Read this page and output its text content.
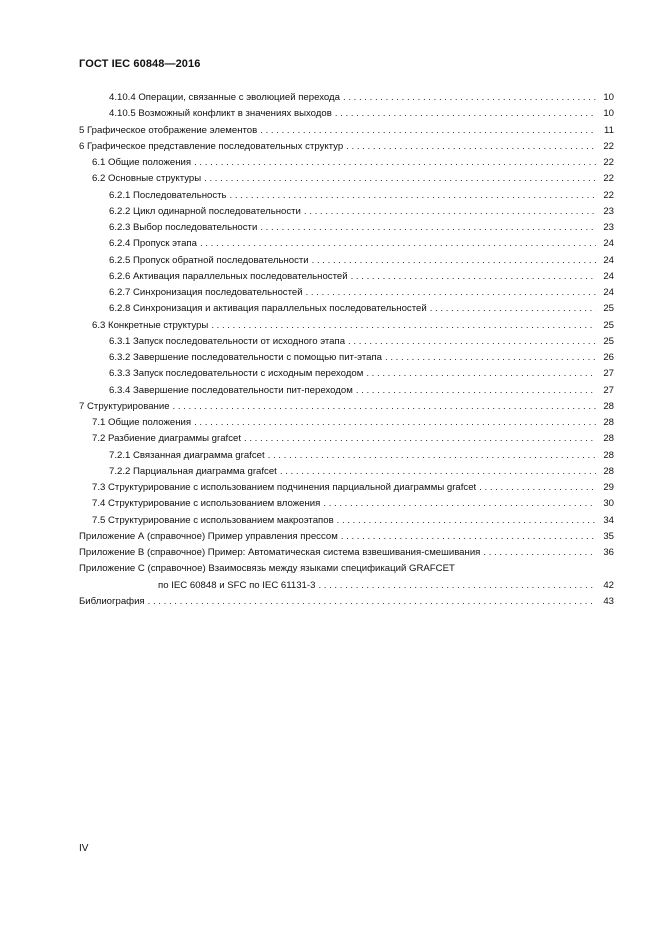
ГОСТ IEC 60848—2016
4.10.4 Операции, связанные с эволюцией перехода . . .	10
4.10.5 Возможный конфликт в значениях выходов . . .	10
5 Графическое отображение элементов . . .	11
6 Графическое представление последовательных структур . . .	22
6.1 Общие положения . . .	22
6.2 Основные структуры . . .	22
6.2.1 Последовательность . . .	22
6.2.2 Цикл одинарной последовательности . . .	23
6.2.3 Выбор последовательности . . .	23
6.2.4 Пропуск этапа . . .	24
6.2.5 Пропуск обратной последовательности . . .	24
6.2.6 Активация параллельных последовательностей . . .	24
6.2.7 Синхронизация последовательностей . . .	24
6.2.8 Синхронизация и активация параллельных последовательностей . . .	25
6.3 Конкретные структуры . . .	25
6.3.1 Запуск последовательности от исходного этапа . . .	25
6.3.2 Завершение последовательности с помощью пит-этапа . . .	26
6.3.3 Запуск последовательности с исходным переходом . . .	27
6.3.4 Завершение последовательности пит-переходом . . .	27
7 Структурирование . . .	28
7.1 Общие положения . . .	28
7.2 Разбиение диаграммы grafcet . . .	28
7.2.1 Связанная диаграмма grafcet . . .	28
7.2.2 Парциальная диаграмма grafcet . . .	28
7.3 Структурирование с использованием подчинения парциальной диаграммы grafcet . . .	29
7.4 Структурирование с использованием вложения . . .	30
7.5 Структурирование с использованием макроэтапов . . .	34
Приложение А (справочное) Пример управления прессом . . .	35
Приложение В (справочное) Пример: Автоматическая система взвешивания-смешивания . . .	36
Приложение С (справочное) Взаимосвязь между языками спецификаций GRAFCET
по IEC 60848 и SFC по IEC 61131-3 . . .	42
Библиография . . .	43
IV
